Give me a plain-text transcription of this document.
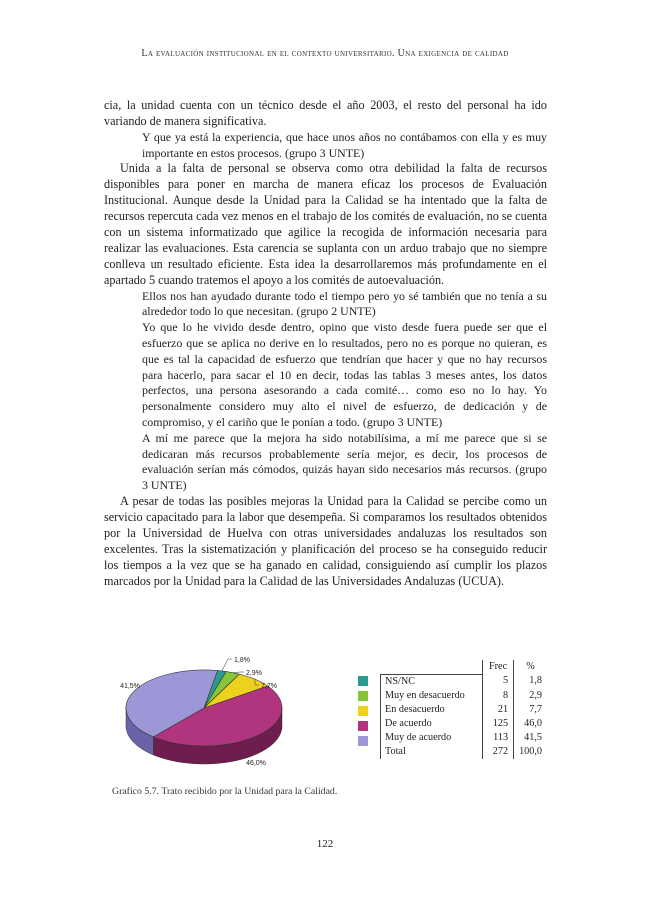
La evaluación institucional en el contexto universitario. Una exigencia de calidad

cia, la unidad cuenta con un técnico desde el año 2003, el resto del personal ha ido variando de manera significativa.

Y que ya está la experiencia, que hace unos años no contábamos con ella y es muy importante en estos procesos. (grupo 3 UNTE)

Unida a la falta de personal se observa como otra debilidad la falta de recursos disponibles para poner en marcha de manera eficaz los procesos de Evaluación Institucional. Aunque desde la Unidad para la Calidad se ha intentado que la falta de recursos repercuta cada vez menos en el trabajo de los comités de evaluación, no se cuenta con un sistema informatizado que agilice la recogida de información necesaria para realizar las evaluaciones. Esta carencia se suplanta con un arduo trabajo que no siempre conlleva un resultado eficiente. Esta idea la desarrollaremos más profundamente en el apartado 5 cuando tratemos el apoyo a los comités de autoevaluación.

Ellos nos han ayudado durante todo el tiempo pero yo sé también que no tenía a su alrededor todo lo que necesitan. (grupo 2 UNTE)
Yo que lo he vivido desde dentro, opino que visto desde fuera puede ser que el esfuerzo que se aplica no derive en lo resultados, pero no es porque no quieran, es que es tal la capacidad de esfuerzo que tendrían que hacer y que no hay recursos para hacerlo, para sacar el 10 en decir, todas las tablas 3 meses antes, los datos perfectos, una persona asesorando a cada comité… como eso no lo hay. Yo personalmente considero muy alto el nivel de esfuerzo, de dedicación y de compromiso, y el cariño que le ponían a todo. (grupo 3 UNTE)
A mí me parece que la mejora ha sido notabilísima, a mí me parece que si se dedicaran más recursos probablemente sería mejor, es decir, los procesos de evaluación serían más cómodos, quizás hayan sido necesarios más recursos. (grupo 3 UNTE)

A pesar de todas las posibles mejoras la Unidad para la Calidad se percibe como un servicio capacitado para la labor que desempeña. Si comparamos los resultados obtenidos por la Universidad de Huelva con otras universidades andaluzas los resultados son excelentes. Tras la sistematización y planificación del proceso se ha conseguido reducir los tiempos a la vez que se ha ganado en calidad, consiguiendo así cumplir los plazos marcados por la Unidad para la Calidad de las Universidades Andaluzas (UCUA).

1,8%
2,9%
7,7%
46,0%
41,5%
	Frec	%
NS/NC	5	1,8
Muy en desacuerdo	8	2,9
En desacuerdo	21	7,7
De acuerdo	125	46,0
Muy de acuerdo	113	41,5
Total	272	100,0
Grafico 5.7. Trato recibido por la Unidad para la Calidad.
122
